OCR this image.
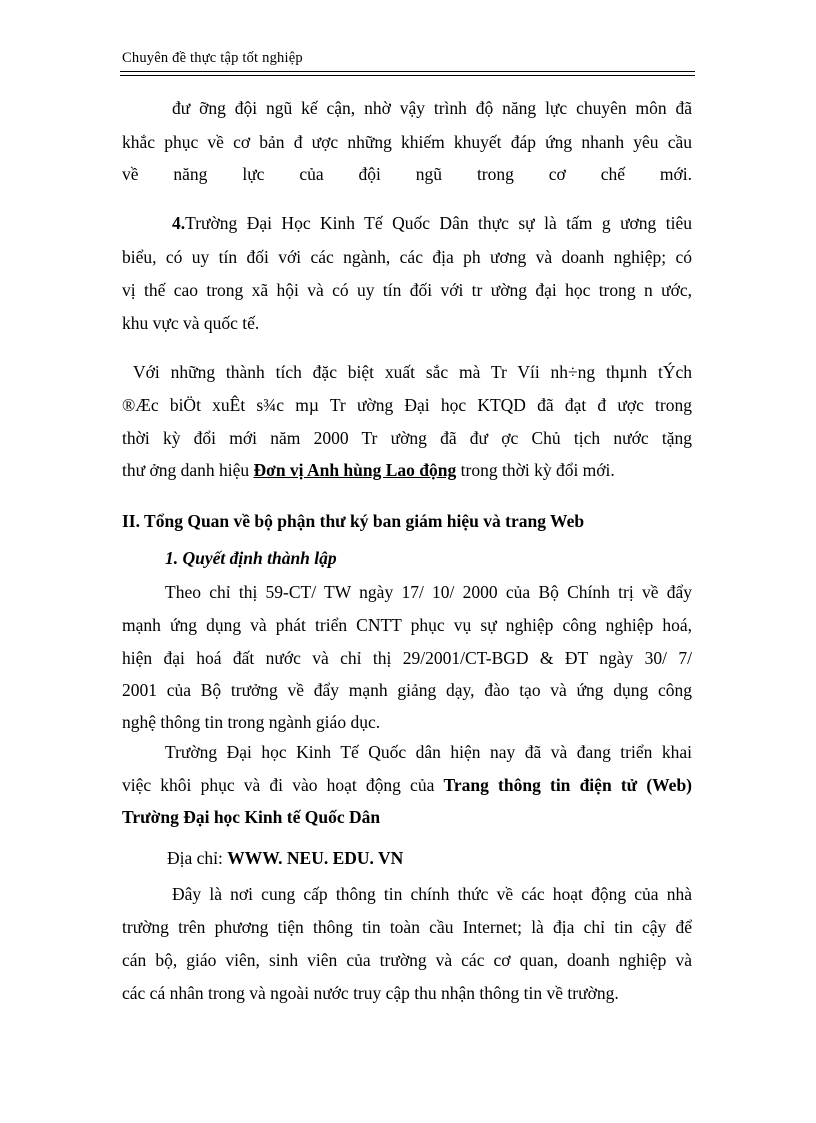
Chuyên đề thực tập tốt nghiệp
đư ỡng đội ngũ kế cận, nhờ vậy trình độ năng lực chuyên môn đã
khắc phục về cơ bản đ ược những khiếm khuyết đáp ứng nhanh yêu cầu
về năng lực của đội ngũ trong cơ chế mới.
4.Trường Đại Học Kinh Tế Quốc Dân thực sự là tấm g ương tiêu
biểu, có uy tín đối với các ngành, các địa ph ương và doanh nghiệp; có
vị thế cao trong xã hội và có uy tín đối với tr ường đại học trong n ước,
khu vực và quốc tế.
Với những thành tích đặc biệt xuất sắc mà Tr Víi nh÷ng thµnh tÝch
®Æc biÖt xuÊt s¾c mµ Tr ường Đại học KTQD đã đạt đ ược trong
thời kỳ đổi mới năm 2000 Tr ường đã đư ợc Chủ tịch nước tặng
thư ởng danh hiệu Đơn vị Anh hùng Lao động trong thời kỳ đổi mới.
II. Tổng Quan về bộ phận thư ký ban giám hiệu và trang Web
1. Quyết định thành lập
Theo chỉ thị 59-CT/ TW ngày 17/ 10/ 2000 của Bộ Chính trị về đẩy
mạnh ứng dụng và phát triển CNTT phục vụ sự nghiệp công nghiệp hoá,
hiện đại hoá đất nước và chỉ thị 29/2001/CT-BGD & ĐT ngày 30/ 7/
2001 của Bộ trưởng về đẩy mạnh giảng dạy, đào tạo và ứng dụng công
nghệ thông tin trong ngành giáo dục.
Trường Đại học Kinh Tế Quốc dân hiện nay đã và đang triển khai
việc khôi phục và đi vào hoạt động của Trang thông tin điện tử (Web)
Trường Đại học Kinh tế Quốc Dân
Địa chỉ: WWW. NEU. EDU. VN
Đây là nơi cung cấp thông tin chính thức về các hoạt động của nhà
trường trên phương tiện thông tin toàn cầu Internet; là địa chỉ tin cậy để
cán bộ, giáo viên, sinh viên của trường và các cơ quan, doanh nghiệp và
các cá nhân trong và ngoài nước truy cập thu nhận thông tin về trường.
